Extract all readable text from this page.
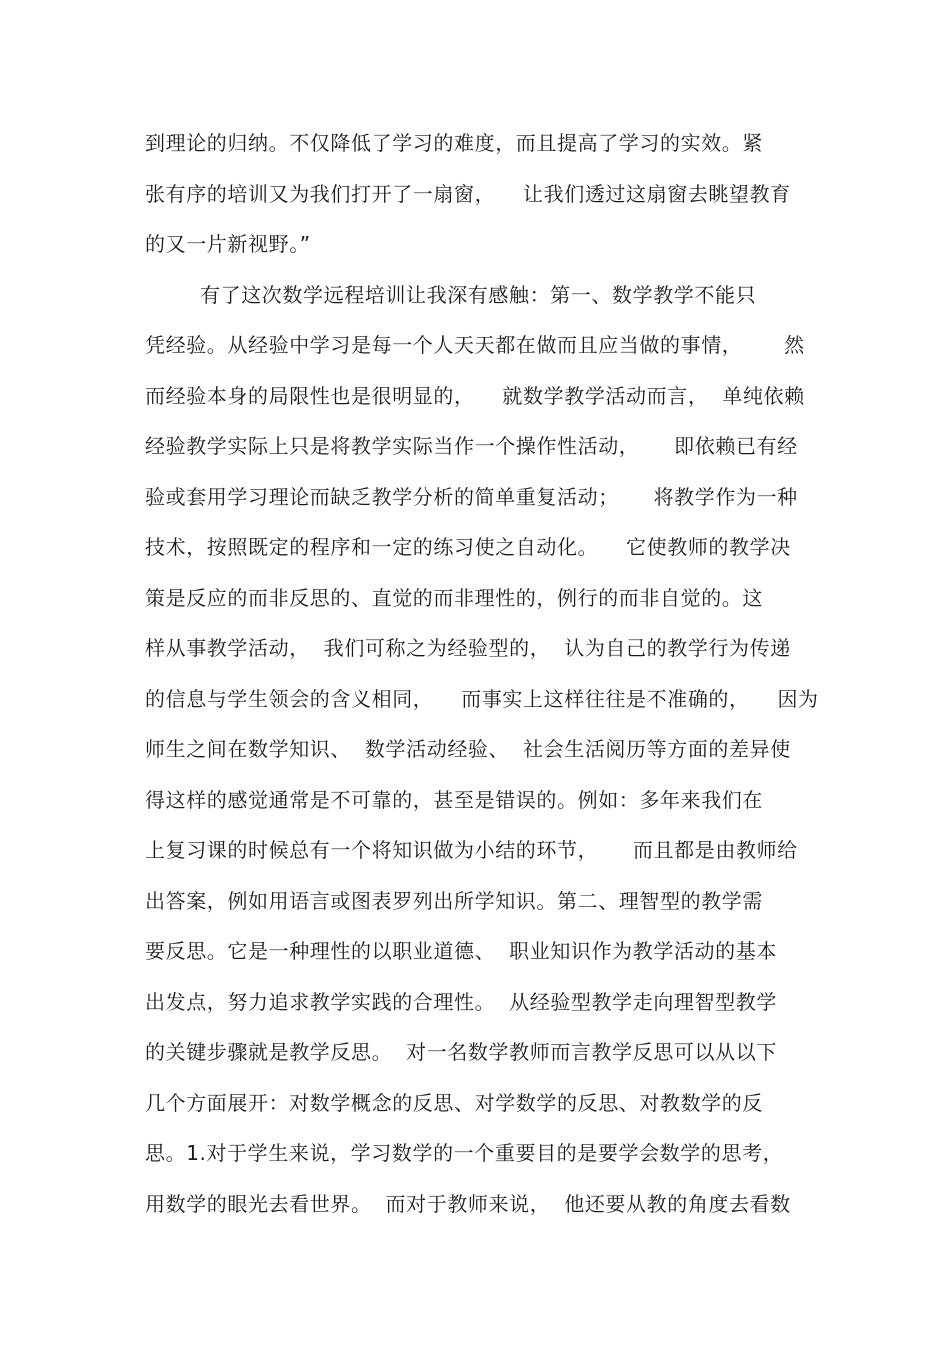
到理论的归纳。不仅降低了学习的难度，而且提高了学习的实效。紧
张有序的培训又为我们打开了一扇窗，    让我们透过这扇窗去眺望教育
的又一片新视野。”
有了这次数学远程培训让我深有感触：第一、数学教学不能只
凭经验。从经验中学习是每一个人天天都在做而且应当做的事情，      然
而经验本身的局限性也是很明显的，    就数学教学活动而言，  单纯依赖
经验教学实际上只是将教学实际当作一个操作性活动，     即依赖已有经
验或套用学习理论而缺乏教学分析的简单重复活动；     将教学作为一种
技术，按照既定的程序和一定的练习使之自动化。    它使教师的教学决
策是反应的而非反思的、直觉的而非理性的，例行的而非自觉的。这
样从事教学活动，  我们可称之为经验型的，  认为自己的教学行为传递
的信息与学生领会的含义相同，    而事实上这样往往是不准确的，    因为
师生之间在数学知识、  数学活动经验、  社会生活阅历等方面的差异使
得这样的感觉通常是不可靠的，甚至是错误的。例如：多年来我们在
上复习课的时候总有一个将知识做为小结的环节，     而且都是由教师给
出答案，例如用语言或图表罗列出所学知识。第二、理智型的教学需
要反思。它是一种理性的以职业道德、  职业知识作为教学活动的基本
出发点，努力追求教学实践的合理性。  从经验型教学走向理智型教学
的关键步骤就是教学反思。  对一名数学教师而言教学反思可以从以下
几个方面展开：对数学概念的反思、对学数学的反思、对教数学的反
思。1.对于学生来说，学习数学的一个重要目的是要学会数学的思考，
用数学的眼光去看世界。  而对于教师来说，  他还要从教的角度去看数
